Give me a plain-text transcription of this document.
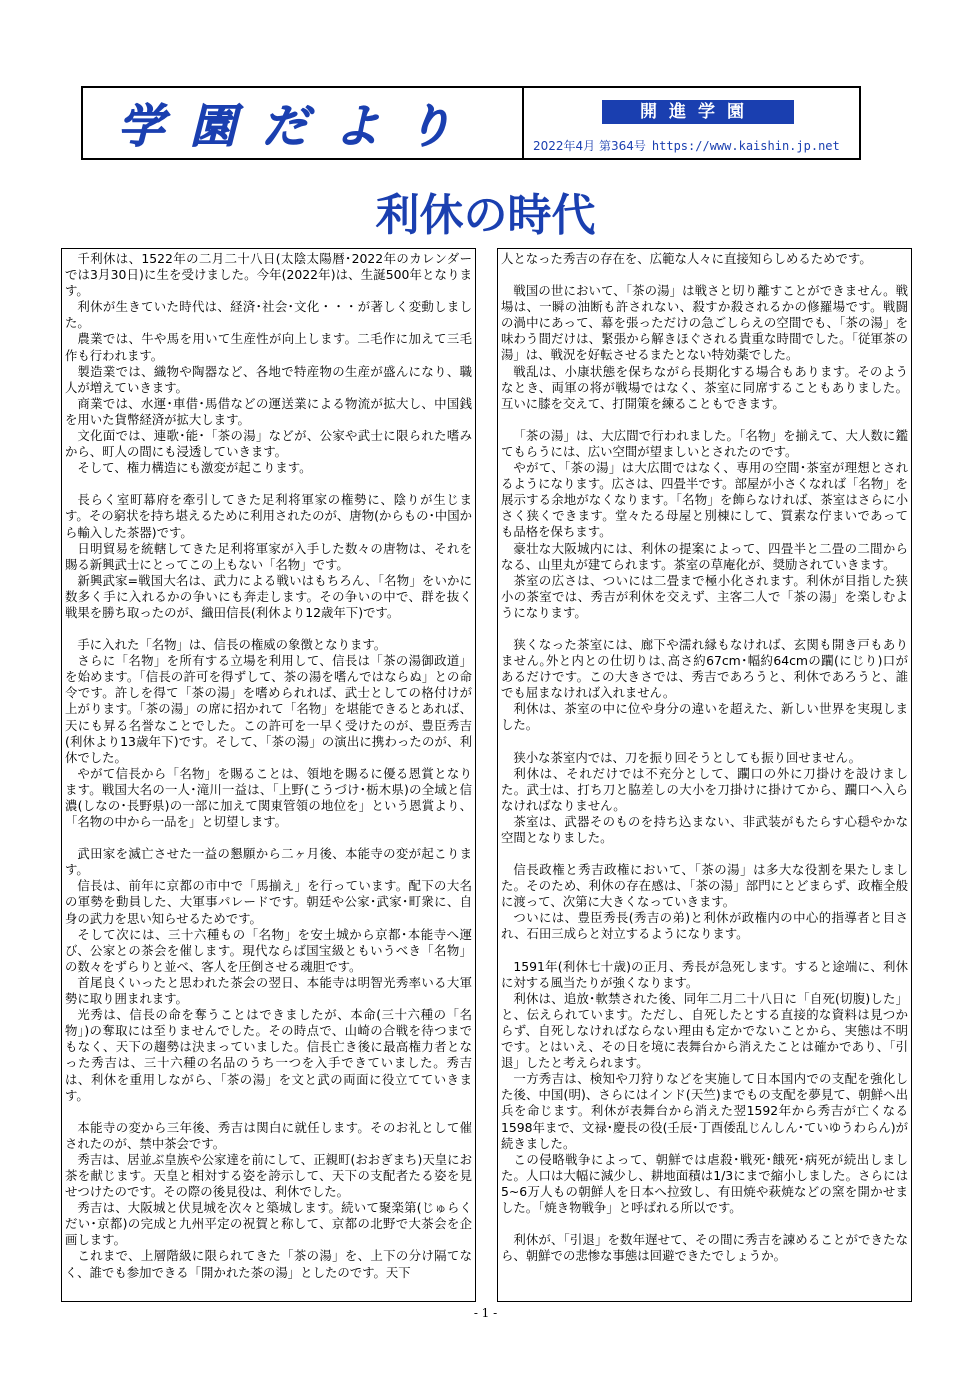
学園だより	開進学園
2022年4月 第364号 https://www.kaishin.jp.net
利休の時代

千利休は、1522年の二月二十八日(太陰太陽暦･2022年のカレンダーでは3月30日)に生を受けました。今年(2022年)は、生誕500年となります。

利休が生きていた時代は、経済･社会･文化・・・が著しく変動しました。

農業では、牛や馬を用いて生産性が向上します。二毛作に加えて三毛作も行われます。

製造業では、織物や陶器など、各地で特産物の生産が盛んになり、職人が増えていきます。

商業では、水運･車借･馬借などの運送業による物流が拡大し、中国銭を用いた貨幣経済が拡大します。

文化面では、連歌･能･「茶の湯」などが、公家や武士に限られた嗜みから、町人の間にも浸透していきます。

そして、権力構造にも激変が起こります。

長らく室町幕府を牽引してきた足利将軍家の権勢に、陰りが生じます。その窮状を持ち堪えるために利用されたのが、唐物(からもの･中国から輸入した茶器)です。

日明貿易を統轄してきた足利将軍家が入手した数々の唐物は、それを賜る新興武士にとってこの上もない「名物」です。

新興武家=戦国大名は、武力による戦いはもちろん、「名物」をいかに数多く手に入れるかの争いにも奔走します。その争いの中で、群を抜く戦果を勝ち取ったのが、織田信長(利休より12歳年下)です。

手に入れた「名物」は、信長の権威の象徴となります。

さらに「名物」を所有する立場を利用して、信長は「茶の湯御政道」を始めます。「信長の許可を得ずして、茶の湯を嗜んではならぬ」との命令です。許しを得て「茶の湯」を嗜められれば、武士としての格付けが上がります。「茶の湯」の席に招かれて「名物」を堪能できるとあれば、天にも昇る名誉なことでした。この許可を一早く受けたのが、豊臣秀吉(利休より13歳年下)です。そして、「茶の湯」の演出に携わったのが、利休でした。

やがて信長から「名物」を賜ることは、領地を賜るに優る恩賞となります。戦国大名の一人･滝川一益は、「上野(こうづけ･栃木県)の全域と信濃(しなの･長野県)の一部に加えて関東管領の地位を」という恩賞より、「名物の中から一品を」と切望します。

武田家を滅亡させた一益の懇願から二ヶ月後、本能寺の変が起こります。

信長は、前年に京都の市中で「馬揃え」を行っています。配下の大名の軍勢を動員した、大軍事パレードです。朝廷や公家･武家･町衆に、自身の武力を思い知らせるためです。

そして次には、三十六種もの「名物」を安土城から京都･本能寺へ運び、公家との茶会を催します。現代ならば国宝級ともいうべき「名物」の数々をずらりと並べ、客人を圧倒させる魂胆です。

首尾良くいったと思われた茶会の翌日、本能寺は明智光秀率いる大軍勢に取り囲まれます。

光秀は、信長の命を奪うことはできましたが、本命(三十六種の「名物」)の奪取には至りませんでした。その時点で、山崎の合戦を待つまでもなく、天下の趨勢は決まっていました。信長亡き後に最高権力者となった秀吉は、三十六種の名品のうち一つを入手できていました。秀吉は、利休を重用しながら、「茶の湯」を文と武の両面に役立てていきます。

本能寺の変から三年後、秀吉は関白に就任します。そのお礼として催されたのが、禁中茶会です。

秀吉は、居並ぶ皇族や公家達を前にして、正親町(おおぎまち)天皇にお茶を献じます。天皇と相対する姿を誇示して、天下の支配者たる姿を見せつけたのです。その際の後見役は、利休でした。

秀吉は、大阪城と伏見城を次々と築城します。続いて聚楽第(じゅらくだい･京都)の完成と九州平定の祝賀と称して、京都の北野で大茶会を企画します。

これまで、上層階級に限られてきた「茶の湯」を、上下の分け隔てなく、誰でも参加できる「開かれた茶の湯」としたのです。天下

人となった秀吉の存在を、広範な人々に直接知らしめるためです。

戦国の世において、「茶の湯」は戦さと切り離すことができません。戦場は、一瞬の油断も許されない、殺すか殺されるかの修羅場です。戦闘の渦中にあって、幕を張っただけの急ごしらえの空間でも、「茶の湯」を味わう間だけは、緊張から解きほぐされる貴重な時間でした。「従軍茶の湯」は、戦況を好転させるまたとない特効薬でした。

戦乱は、小康状態を保ちながら長期化する場合もあります。そのようなとき、両軍の将が戦場ではなく、茶室に同席することもありました。互いに膝を交えて、打開策を練ることもできます。

「茶の湯」は、大広間で行われました。「名物」を揃えて、大人数に鑑てもらうには、広い空間が望ましいとされたのです。

やがて、「茶の湯」は大広間ではなく、専用の空間･茶室が理想とされるようになります。広さは、四畳半です。部屋が小さくなれば「名物」を展示する余地がなくなります。「名物」を飾らなければ、茶室はさらに小さく狭くできます。堂々たる母屋と別棟にして、質素な佇まいであっても品格を保ちます。

豪壮な大阪城内には、利休の提案によって、四畳半と二畳の二間からなる、山里丸が建てられます。茶室の草庵化が、奨励されていきます。

茶室の広さは、ついには二畳まで極小化されます。利休が目指した狭小の茶室では、秀吉が利休を交えず、主客二人で「茶の湯」を楽しむようになります。

狭くなった茶室には、廊下や濡れ縁もなければ、玄関も開き戸もありません｡外と内との仕切りは､高さ約67cm･幅約64cmの躙(にじり)口があるだけです。この大きさでは、秀吉であろうと、利休であろうと、誰でも屈まなければ入れません。

利休は、茶室の中に位や身分の違いを超えた、新しい世界を実現しました。

狭小な茶室内では、刀を振り回そうとしても振り回せません。

利休は、それだけでは不充分として、躙口の外に刀掛けを設けました。武士は、打ち刀と脇差しの大小を刀掛けに掛けてから、躙口へ入らなければなりません。

茶室は、武器そのものを持ち込まない、非武装がもたらす心穏やかな空間となりました。

信長政権と秀吉政権において、「茶の湯」は多大な役割を果たしました。そのため、利休の存在感は、「茶の湯」部門にとどまらず、政権全般に渡って、次第に大きくなっていきます。

ついには、豊臣秀長(秀吉の弟)と利休が政権内の中心的指導者と目され、石田三成らと対立するようになります。

1591年(利休七十歳)の正月、秀長が急死します。すると途端に、利休に対する風当たりが強くなります。

利休は、追放･軟禁された後、同年二月二十八日に「自死(切腹)した」と、伝えられています。ただし、自死したとする直接的な資料は見つからず、自死しなければならない理由も定かでないことから、実態は不明です。とはいえ、その日を境に表舞台から消えたことは確かであり、「引退」したと考えられます。

一方秀吉は、検知や刀狩りなどを実施して日本国内での支配を強化した後、中国(明)、さらにはインド(天竺)までもの支配を夢見て、朝鮮へ出兵を命じます。利休が表舞台から消えた翌1592年から秀吉が亡くなる1598年まで、文禄･慶長の役(壬辰･丁酉倭乱じんしん･ていゆうわらん)が続きました。

この侵略戦争によって、朝鮮では虐殺･戦死･餓死･病死が続出しました。人口は大幅に減少し、耕地面積は1/3にまで縮小しました。さらには5~6万人もの朝鮮人を日本へ拉致し、有田焼や萩焼などの窯を開かせました。「焼き物戦争」と呼ばれる所以です。

利休が、「引退」を数年遅せて、その間に秀吉を諫めることができたなら、朝鮮での悲惨な事態は回避できたでしょうか。

- 1 -
